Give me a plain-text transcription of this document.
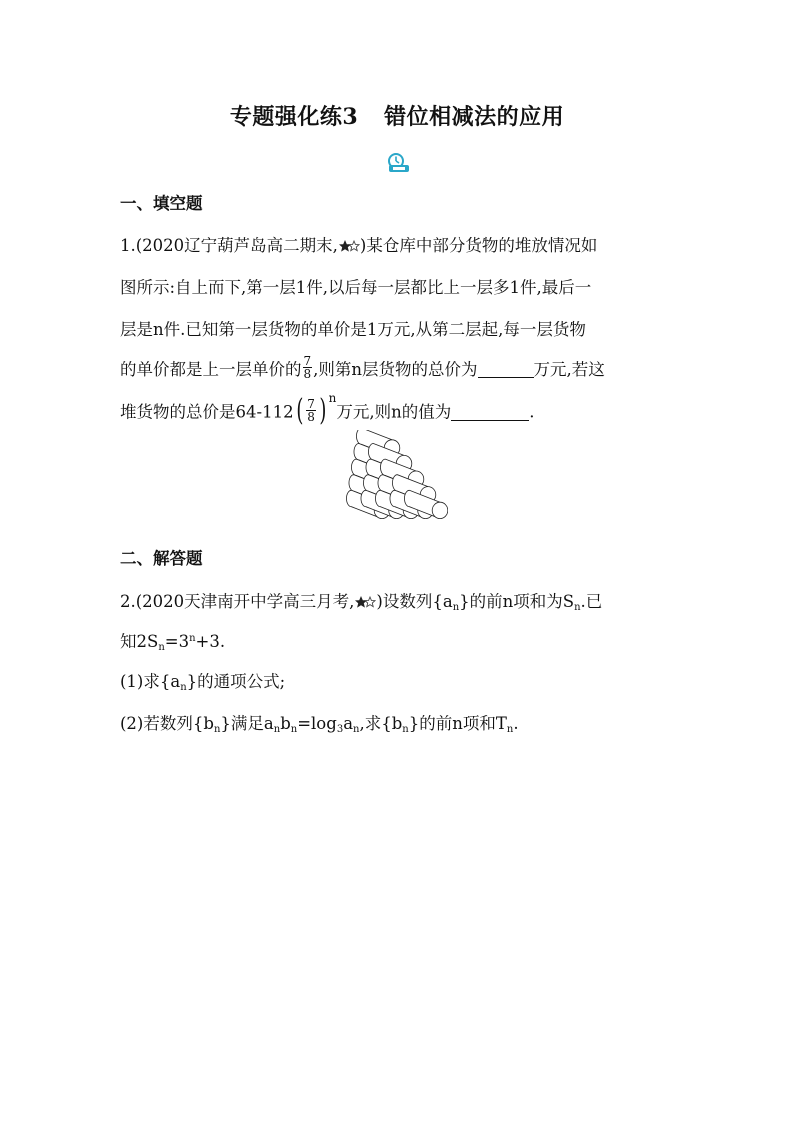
专题强化练3 错位相减法的应用
一、填空题
1.(2020辽宁葫芦岛高二期末, )某仓库中部分货物的堆放情况如
图所示:自上而下,第一层1件,以后每一层都比上一层多1件,最后一
层是n件.已知第一层货物的单价是1万元,从第二层起,每一层货物
的单价都是上一层单价的 $\frac{7}{8}$ ,则第n层货物的总价为	万元,若这
堆货物的总价是$64-112( \frac{7}{8}$ ) $^n$万元,则n的值为	.
二、解答题
2.(2020天津南开中学高三月考, )设数列$\{a_n\}$的前n项和为$S_n$.已
知$2S_n=3^n+3$.
(1)求$\{a_n\}$的通项公式;
(2)若数列$\{b_n\}$满足$a_nb_n=\log_3a_n$,求$\{b_n\}$的前n项和$T_n$.
